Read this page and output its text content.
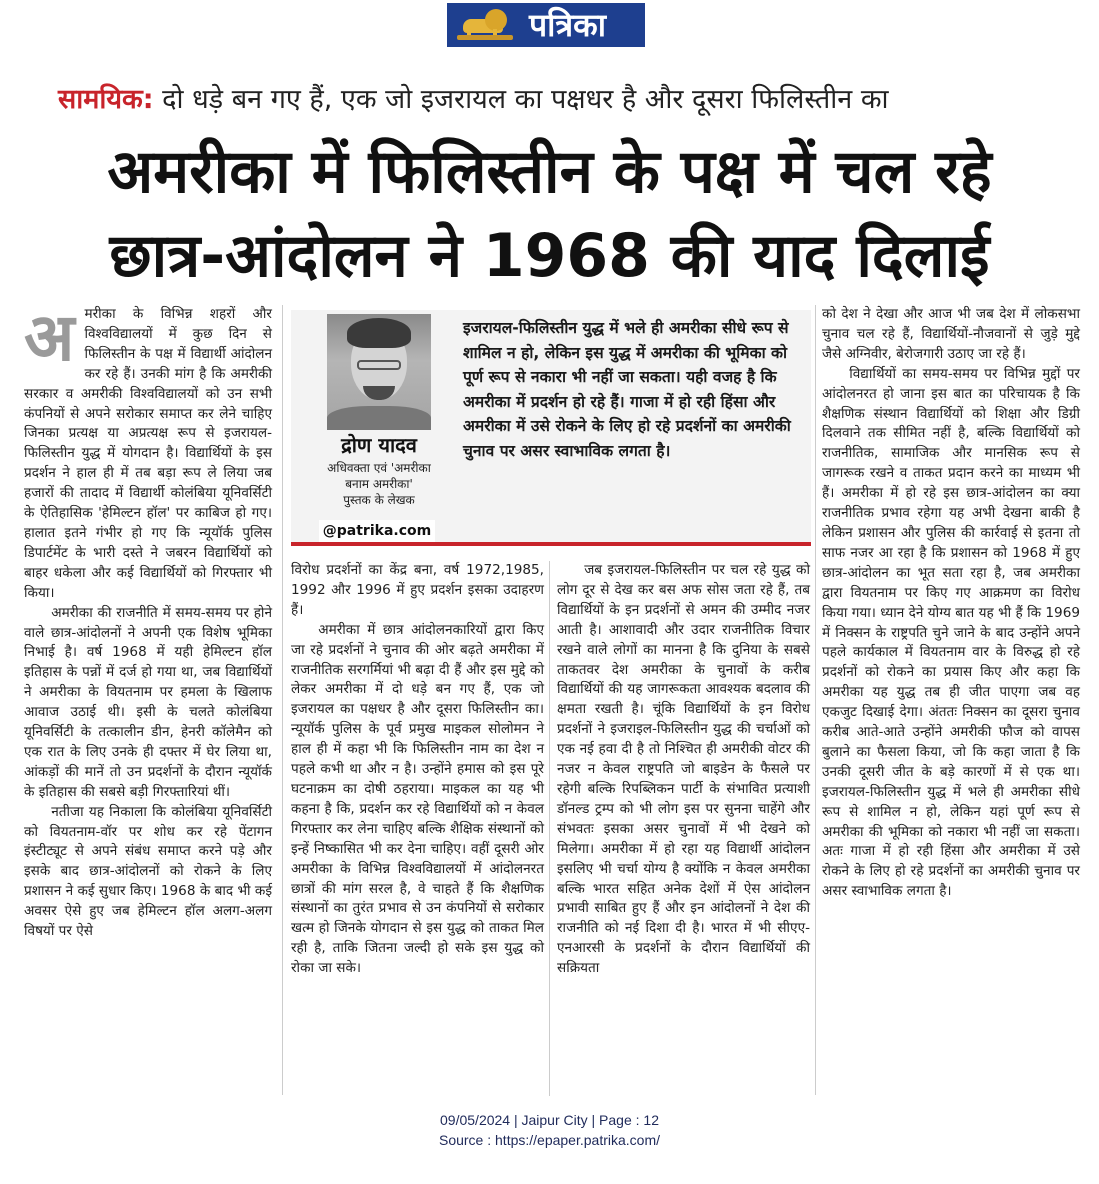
पत्रिका
सामयिक: दो धड़े बन गए हैं, एक जो इजरायल का पक्षधर है और दूसरा फिलिस्तीन का
अमरीका में फिलिस्तीन के पक्ष में चल रहे
छात्र-आंदोलन ने 1968 की याद दिलाई
अ मरीका के विभिन्न शहरों और विश्वविद्यालयों में कुछ दिन से फिलिस्तीन के पक्ष में विद्यार्थी आंदोलन कर रहे हैं। उनकी मांग है कि अमरीकी सरकार व अमरीकी विश्वविद्यालयों को उन सभी कंपनियों से अपने सरोकार समाप्त कर लेने चाहिए जिनका प्रत्यक्ष या अप्रत्यक्ष रूप से इजरायल-फिलिस्तीन युद्ध में योगदान है। विद्यार्थियों के इस प्रदर्शन ने हाल ही में तब बड़ा रूप ले लिया जब हजारों की तादाद में विद्यार्थी कोलंबिया यूनिवर्सिटी के ऐतिहासिक 'हेमिल्टन हॉल' पर काबिज हो गए। हालात इतने गंभीर हो गए कि न्यूयॉर्क पुलिस डिपार्टमेंट के भारी दस्ते ने जबरन विद्यार्थियों को बाहर धकेला और कई विद्यार्थियों को गिरफ्तार भी किया।

अमरीका की राजनीति में समय-समय पर होने वाले छात्र-आंदोलनों ने अपनी एक विशेष भूमिका निभाई है। वर्ष 1968 में यही हेमिल्टन हॉल इतिहास के पन्नों में दर्ज हो गया था, जब विद्यार्थियों ने अमरीका के वियतनाम पर हमला के खिलाफ आवाज उठाई थी। इसी के चलते कोलंबिया यूनिवर्सिटी के तत्कालीन डीन, हेनरी कॉलेमैन को एक रात के लिए उनके ही दफ्तर में घेर लिया था, आंकड़ों की मानें तो उन प्रदर्शनों के दौरान न्यूयॉर्क के इतिहास की सबसे बड़ी गिरफ्तारियां थीं।

नतीजा यह निकाला कि कोलंबिया यूनिवर्सिटी को वियतनाम-वॉर पर शोध कर रहे पेंटागन इंस्टीट्यूट से अपने संबंध समाप्त करने पड़े और इसके बाद छात्र-आंदोलनों को रोकने के लिए प्रशासन ने कई सुधार किए। 1968 के बाद भी कई अवसर ऐसे हुए जब हेमिल्टन हॉल अलग-अलग विषयों पर ऐसे

द्रोण यादव
अधिवक्ता एवं 'अमरीका
बनाम अमरीका'
पुस्तक के लेखक
@patrika.com
इजरायल-फिलिस्तीन युद्ध में भले ही अमरीका सीधे रूप से शामिल न हो, लेकिन इस युद्ध में अमरीका की भूमिका को पूर्ण रूप से नकारा भी नहीं जा सकता। यही वजह है कि अमरीका में प्रदर्शन हो रहे हैं। गाजा में हो रही हिंसा और अमरीका में उसे रोकने के लिए हो रहे प्रदर्शनों का अमरीकी चुनाव पर असर स्वाभाविक लगता है।

विरोध प्रदर्शनों का केंद्र बना, वर्ष 1972,1985, 1992 और 1996 में हुए प्रदर्शन इसका उदाहरण हैं।

अमरीका में छात्र आंदोलनकारियों द्वारा किए जा रहे प्रदर्शनों ने चुनाव की ओर बढ़ते अमरीका में राजनीतिक सरगर्मियां भी बढ़ा दी हैं और इस मुद्दे को लेकर अमरीका में दो धड़े बन गए हैं, एक जो इजरायल का पक्षधर है और दूसरा फिलिस्तीन का। न्यूयॉर्क पुलिस के पूर्व प्रमुख माइकल सोलोमन ने हाल ही में कहा भी कि फिलिस्तीन नाम का देश न पहले कभी था और न है। उन्होंने हमास को इस पूरे घटनाक्रम का दोषी ठहराया। माइकल का यह भी कहना है कि, प्रदर्शन कर रहे विद्यार्थियों को न केवल गिरफ्तार कर लेना चाहिए बल्कि शैक्षिक संस्थानों को इन्हें निष्कासित भी कर देना चाहिए। वहीं दूसरी ओर अमरीका के विभिन्न विश्वविद्यालयों में आंदोलनरत छात्रों की मांग सरल है, वे चाहते हैं कि शैक्षणिक संस्थानों का तुरंत प्रभाव से उन कंपनियों से सरोकार खत्म हो जिनके योगदान से इस युद्ध को ताकत मिल रही है, ताकि जितना जल्दी हो सके इस युद्ध को रोका जा सके।

जब इजरायल-फिलिस्तीन पर चल रहे युद्ध को लोग दूर से देख कर बस अफ सोस जता रहे हैं, तब विद्यार्थियों के इन प्रदर्शनों से अमन की उम्मीद नजर आती है। आशावादी और उदार राजनीतिक विचार रखने वाले लोगों का मानना है कि दुनिया के सबसे ताकतवर देश अमरीका के चुनावों के करीब विद्यार्थियों की यह जागरूकता आवश्यक बदलाव की क्षमता रखती है। चूंकि विद्यार्थियों के इन विरोध प्रदर्शनों ने इजराइल-फिलिस्तीन युद्ध की चर्चाओं को एक नई हवा दी है तो निश्चित ही अमरीकी वोटर की नजर न केवल राष्ट्रपति जो बाइडेन के फैसले पर रहेगी बल्कि रिपब्लिकन पार्टी के संभावित प्रत्याशी डॉनल्ड ट्रम्प को भी लोग इस पर सुनना चाहेंगे और संभवतः इसका असर चुनावों में भी देखने को मिलेगा। अमरीका में हो रहा यह विद्यार्थी आंदोलन इसलिए भी चर्चा योग्य है क्योंकि न केवल अमरीका बल्कि भारत सहित अनेक देशों में ऐस आंदोलन प्रभावी साबित हुए हैं और इन आंदोलनों ने देश की राजनीति को नई दिशा दी है। भारत में भी सीएए-एनआरसी के प्रदर्शनों के दौरान विद्यार्थियों की सक्रियता

को देश ने देखा और आज भी जब देश में लोकसभा चुनाव चल रहे हैं, विद्यार्थियों-नौजवानों से जुड़े मुद्दे जैसे अग्निवीर, बेरोजगारी उठाए जा रहे हैं।

विद्यार्थियों का समय-समय पर विभिन्न मुद्दों पर आंदोलनरत हो जाना इस बात का परिचायक है कि शैक्षणिक संस्थान विद्यार्थियों को शिक्षा और डिग्री दिलवाने तक सीमित नहीं है, बल्कि विद्यार्थियों को राजनीतिक, सामाजिक और मानसिक रूप से जागरूक रखने व ताकत प्रदान करने का माध्यम भी हैं। अमरीका में हो रहे इस छात्र-आंदोलन का क्या राजनीतिक प्रभाव रहेगा यह अभी देखना बाकी है लेकिन प्रशासन और पुलिस की कार्रवाई से इतना तो साफ नजर आ रहा है कि प्रशासन को 1968 में हुए छात्र-आंदोलन का भूत सता रहा है, जब अमरीका द्वारा वियतनाम पर किए गए आक्रमण का विरोध किया गया। ध्यान देने योग्य बात यह भी हैं कि 1969 में निक्सन के राष्ट्रपति चुने जाने के बाद उन्होंने अपने पहले कार्यकाल में वियतनाम वार के विरुद्ध हो रहे प्रदर्शनों को रोकने का प्रयास किए और कहा कि अमरीका यह युद्ध तब ही जीत पाएगा जब वह एकजुट दिखाई देगा। अंततः निक्सन का दूसरा चुनाव करीब आते-आते उन्होंने अमरीकी फौज को वापस बुलाने का फैसला किया, जो कि कहा जाता है कि उनकी दूसरी जीत के बड़े कारणों में से एक था। इजरायल-फिलिस्तीन युद्ध में भले ही अमरीका सीधे रूप से शामिल न हो, लेकिन यहां पूर्ण रूप से अमरीका की भूमिका को नकारा भी नहीं जा सकता। अतः गाजा में हो रही हिंसा और अमरीका में उसे रोकने के लिए हो रहे प्रदर्शनों का अमरीकी चुनाव पर असर स्वाभाविक लगता है।

09/05/2024 | Jaipur City | Page : 12
Source : https://epaper.patrika.com/
